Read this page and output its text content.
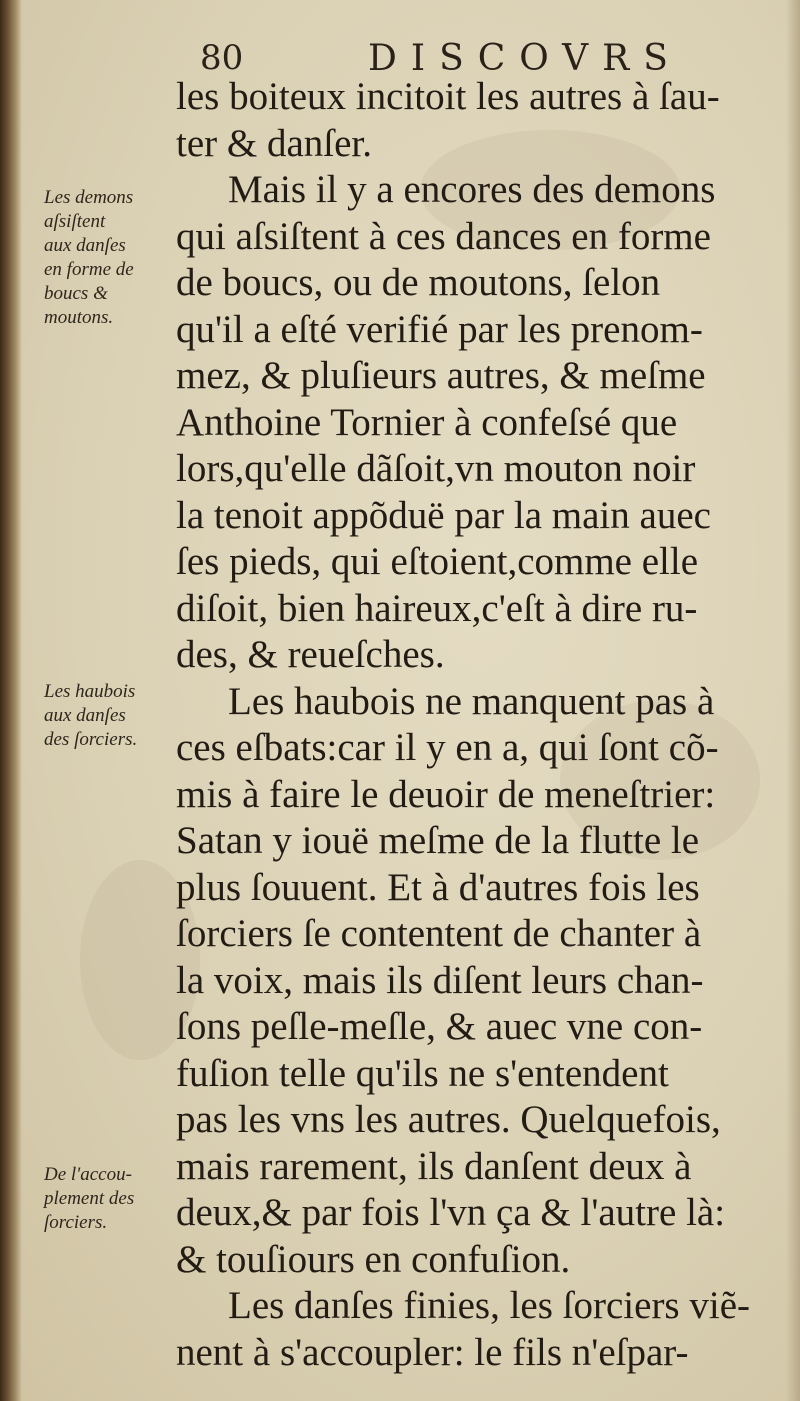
80	DISCOVRS
les boiteux incitoit les autres à ſau-
ter & danſer.
Mais il y a encores des demons
qui aſsiſtent à ces dances en forme
de boucs, ou de moutons, ſelon
qu'il a eſté verifié par les prenom-
mez, & pluſieurs autres, & meſme
Anthoine Tornier à confeſsé que
lors,qu'elle dãſoit,vn mouton noir
la tenoit appõduë par la main auec
ſes pieds, qui eſtoient,comme elle
diſoit, bien haireux,c'eſt à dire ru-
des, & reueſches.
Les haubois ne manquent pas à
ces eſbats:car il y en a, qui ſont cõ-
mis à faire le deuoir de meneſtrier:
Satan y iouë meſme de la flutte le
plus ſouuent. Et à d'autres fois les
ſorciers ſe contentent de chanter à
la voix, mais ils diſent leurs chan-
ſons peſle-meſle, & auec vne con-
fuſion telle qu'ils ne s'entendent
pas les vns les autres. Quelquefois,
mais rarement, ils danſent deux à
deux,& par fois l'vn ça & l'autre là:
& touſiours en confuſion.
Les danſes finies, les ſorciers viẽ-
nent à s'accoupler: le fils n'eſpar-
Les demons
aſsiſtent
aux danſes
en forme de
boucs &
moutons.
Les haubois
aux danſes
des ſorciers.
De l'accou-
plement des
ſorciers.
